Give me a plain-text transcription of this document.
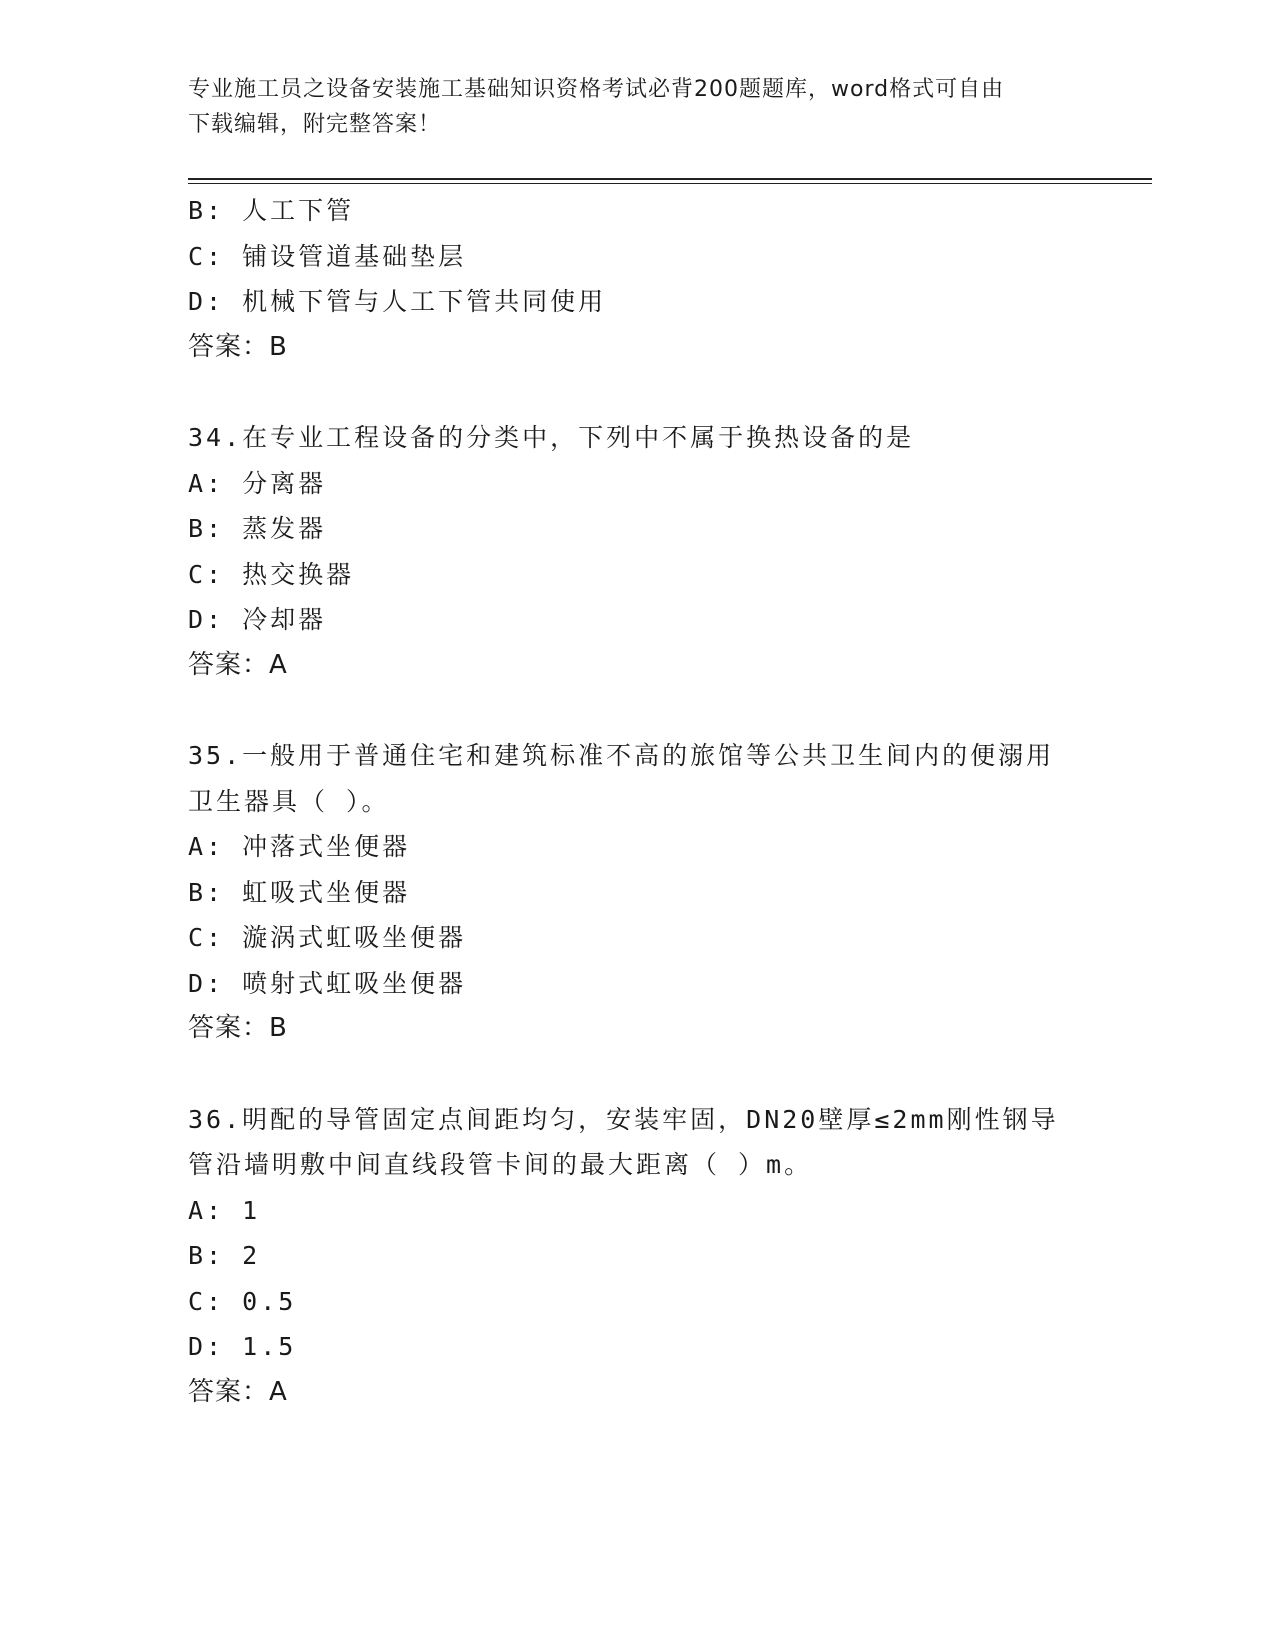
专业施工员之设备安装施工基础知识资格考试必背200题题库，word格式可自由
下载编辑，附完整答案！
B: 人工下管
C: 铺设管道基础垫层
D: 机械下管与人工下管共同使用
答案：B
34.在专业工程设备的分类中，下列中不属于换热设备的是
A: 分离器
B: 蒸发器
C: 热交换器
D: 冷却器
答案：A
35.一般用于普通住宅和建筑标准不高的旅馆等公共卫生间内的便溺用
卫生器具（ ）。
A: 冲落式坐便器
B: 虹吸式坐便器
C: 漩涡式虹吸坐便器
D: 喷射式虹吸坐便器
答案：B
36.明配的导管固定点间距均匀，安装牢固，DN20壁厚≤2mm刚性钢导
管沿墙明敷中间直线段管卡间的最大距离（ ）m。
A: 1
B: 2
C: 0.5
D: 1.5
答案：A
